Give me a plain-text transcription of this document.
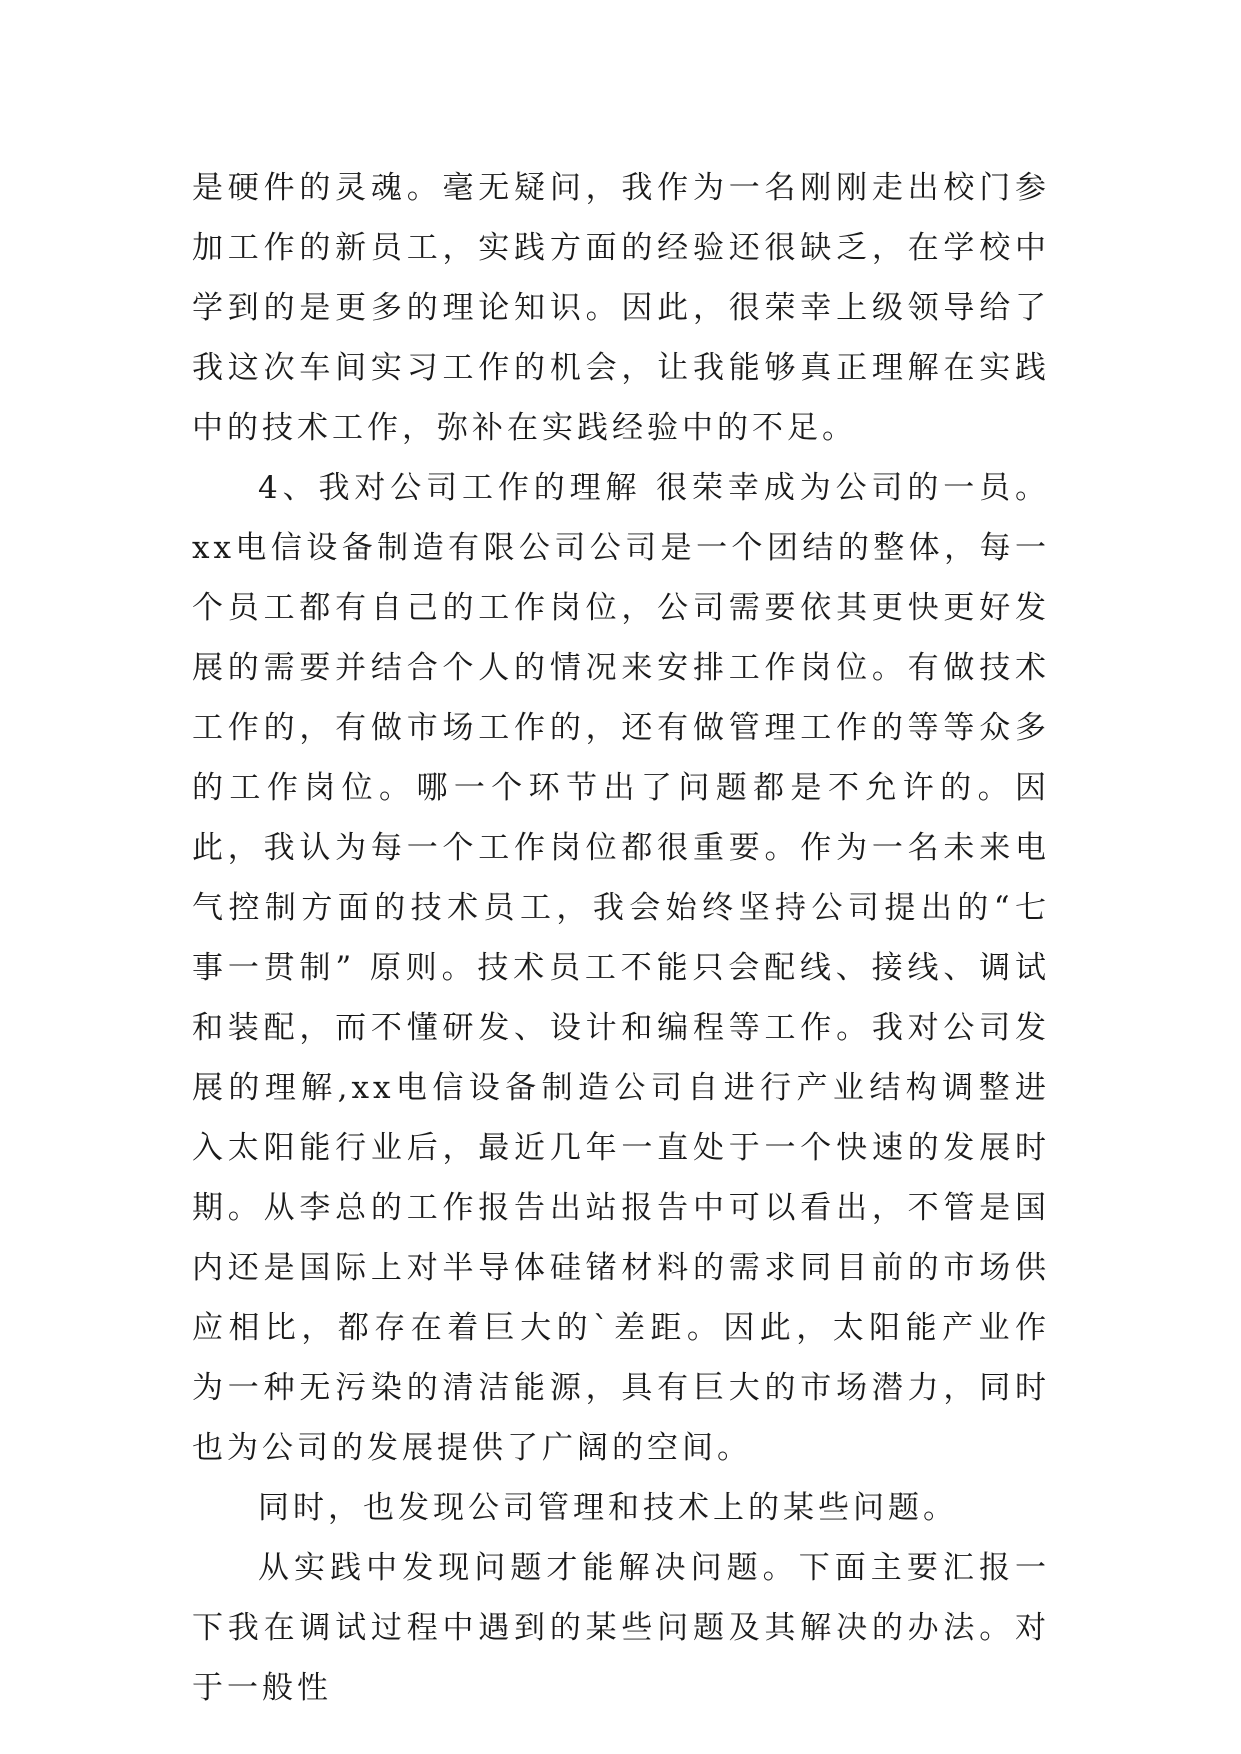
是硬件的灵魂。毫无疑问，我作为一名刚刚走出校门参加工作的新员工，实践方面的经验还很缺乏，在学校中学到的是更多的理论知识。因此，很荣幸上级领导给了我这次车间实习工作的机会，让我能够真正理解在实践中的技术工作，弥补在实践经验中的不足。

4、我对公司工作的理解 很荣幸成为公司的一员。xx电信设备制造有限公司公司是一个团结的整体，每一个员工都有自己的工作岗位，公司需要依其更快更好发展的需要并结合个人的情况来安排工作岗位。有做技术工作的，有做市场工作的，还有做管理工作的等等众多的工作岗位。哪一个环节出了问题都是不允许的。因此，我认为每一个工作岗位都很重要。作为一名未来电气控制方面的技术员工，我会始终坚持公司提出的“七事一贯制” 原则。技术员工不能只会配线、接线、调试和装配，而不懂研发、设计和编程等工作。我对公司发展的理解,xx电信设备制造公司自进行产业结构调整进入太阳能行业后，最近几年一直处于一个快速的发展时期。从李总的工作报告出站报告中可以看出，不管是国内还是国际上对半导体硅锗材料的需求同目前的市场供应相比，都存在着巨大的`差距。因此，太阳能产业作为一种无污染的清洁能源，具有巨大的市场潜力，同时也为公司的发展提供了广阔的空间。

同时，也发现公司管理和技术上的某些问题。

从实践中发现问题才能解决问题。下面主要汇报一下我在调试过程中遇到的某些问题及其解决的办法。对于一般性
